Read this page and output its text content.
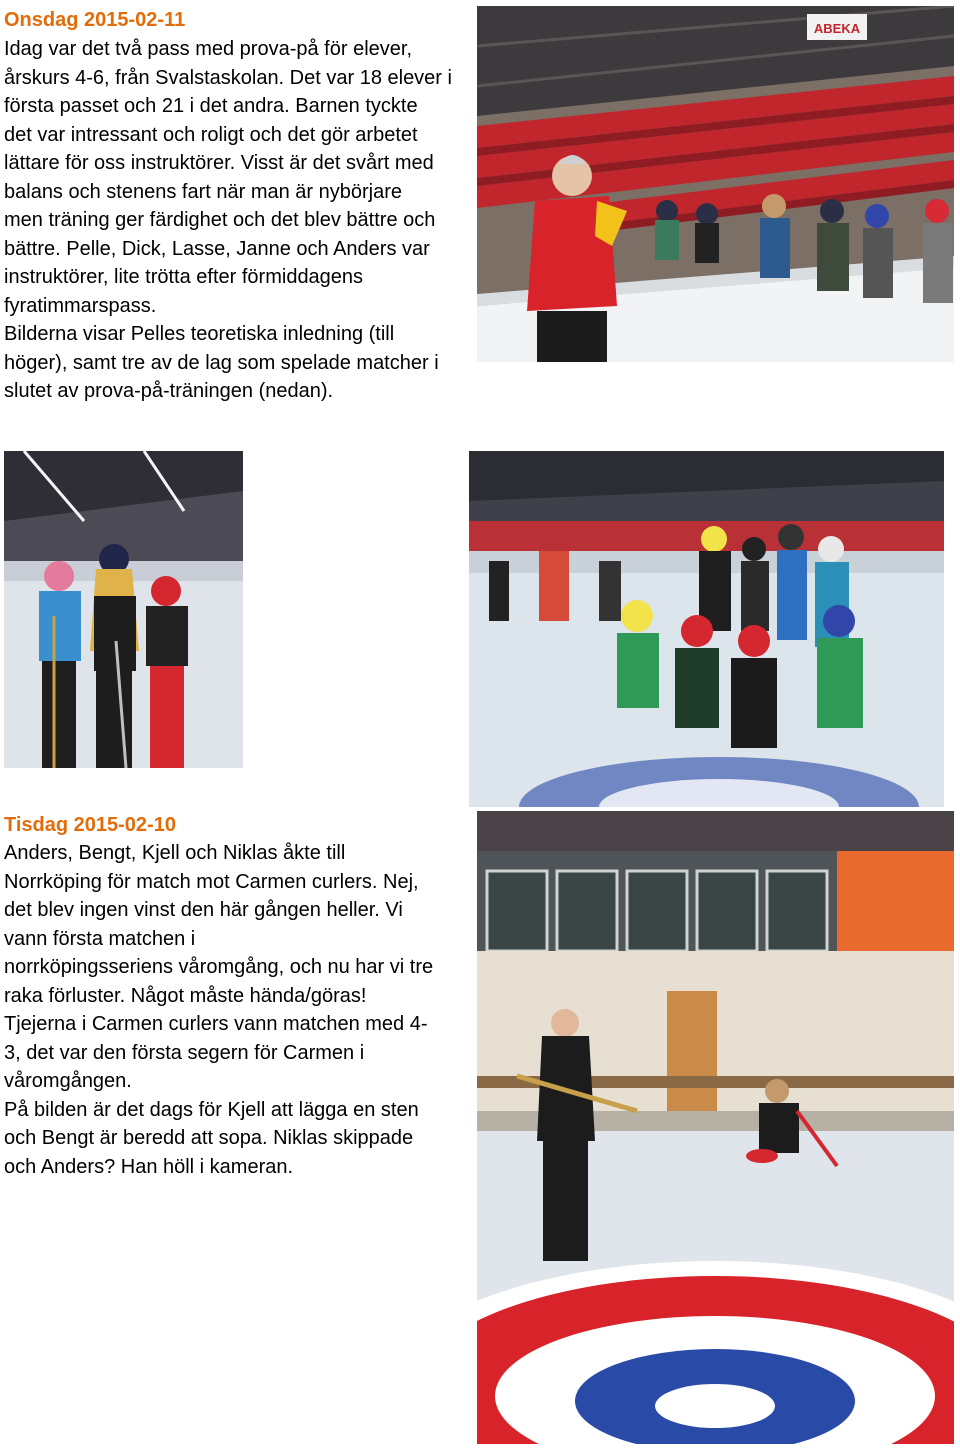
Onsdag 2015-02-11
Idag var det två pass med prova-på för elever,
årskurs 4-6, från Svalstaskolan. Det var 18 elever i
första passet och 21 i det andra. Barnen tyckte
det var intressant och roligt och det gör arbetet
lättare för oss instruktörer. Visst är det svårt med
balans och stenens fart när man är nybörjare
men träning ger färdighet och det blev bättre och
bättre. Pelle, Dick, Lasse, Janne och Anders var
instruktörer, lite trötta efter förmiddagens
fyratimmarspass.
Bilderna visar Pelles teoretiska inledning (till
höger), samt tre av de lag som spelade matcher i
slutet av prova-på-träningen (nedan).
ABEKA
Tisdag 2015-02-10
Anders, Bengt, Kjell och Niklas åkte till
Norrköping för match mot Carmen curlers. Nej,
det blev ingen vinst den här gången heller. Vi
vann första matchen i
norrköpingsseriens våromgång, och nu har vi tre
raka förluster. Något måste hända/göras!
Tjejerna i Carmen curlers vann matchen med 4-
3, det var den första segern för Carmen i
våromgången.
På bilden är det dags för Kjell att lägga en sten
och Bengt är beredd att sopa. Niklas skippade
och Anders? Han höll i kameran.
